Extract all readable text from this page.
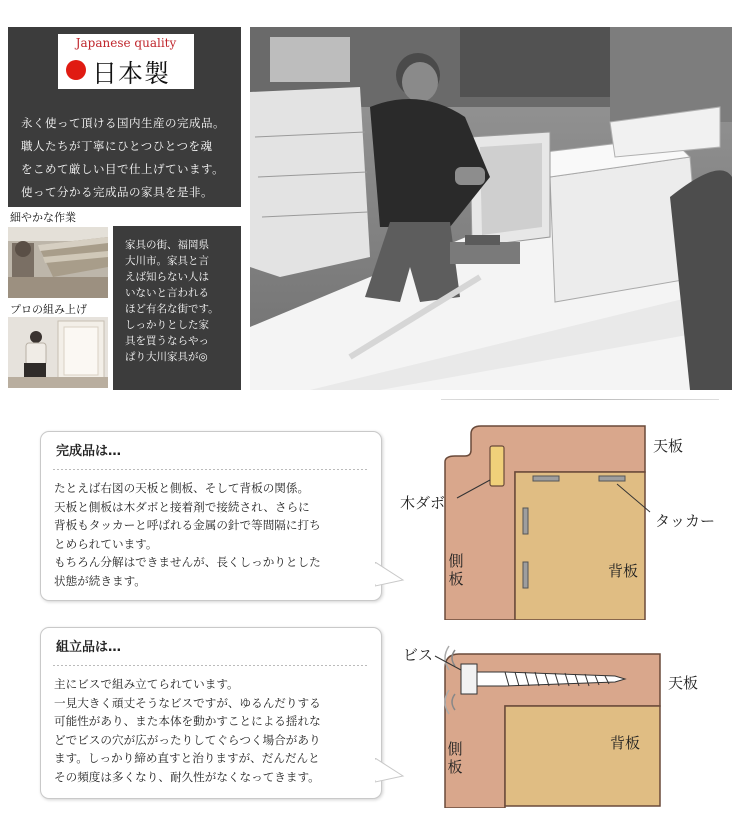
Japanese quality
日本製
永く使って頂ける国内生産の完成品。
職人たちが丁寧にひとつひとつを魂
をこめて厳しい目で仕上げています。
使って分かる完成品の家具を是非。
細やかな作業
プロの組み上げ
家具の街、福岡県
大川市。家具と言
えば知らない人は
いないと言われる
ほど有名な街です。
しっかりとした家
具を買うならやっ
ぱり大川家具が◎
完成品は…
たとえば右図の天板と側板、そして背板の関係。
天板と側板は木ダボと接着剤で接続され、さらに
背板もタッカーと呼ばれる金属の針で等間隔に打ち
とめられています。
もちろん分解はできませんが、長くしっかりとした
状態が続きます。
組立品は…
主にビスで組み立てられています。
一見大きく頑丈そうなビスですが、ゆるんだりする
可能性があり、また本体を動かすことによる揺れな
どでビスの穴が広がったりしてぐらつく場合があり
ます。しっかり締め直すと治りますが、だんだんと
その頻度は多くなり、耐久性がなくなってきます。
天板
木ダボ
タッカー
側板	背板
ビス
天板
側板
背板
